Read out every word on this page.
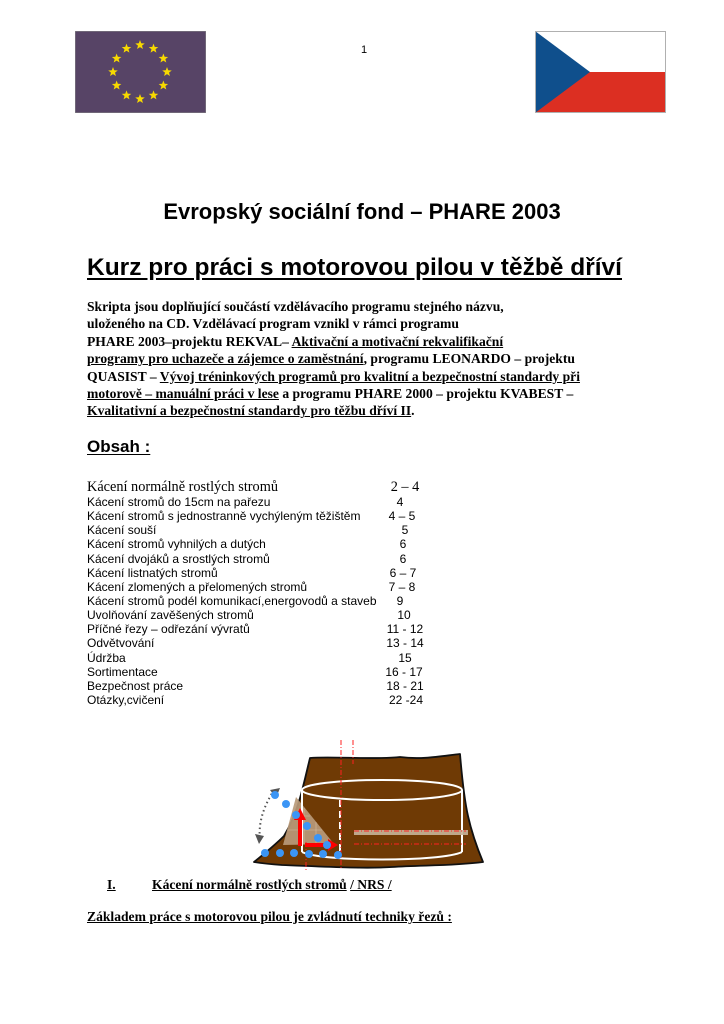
1
Evropský sociální fond – PHARE 2003
Kurz pro práci s motorovou pilou v těžbě dříví
Skripta jsou doplňující součástí vzdělávacího programu stejného názvu,
uloženého na CD. Vzdělávací program vznikl v rámci programu
PHARE 2003–projektu REKVAL– Aktivační a motivační rekvalifikační
programy pro uchazeče a zájemce o zaměstnání, programu LEONARDO – projektu
QUASIST – Vývoj tréninkových programů pro kvalitní a bezpečnostní standardy při
motorově – manuální práci v lese a programu PHARE 2000 – projektu KVABEST –
Kvalitativní a bezpečnostní standardy pro těžbu dříví II.
Obsah :
Kácení normálně rostlých stromů	2 – 4
Kácení stromů do 15cm na pařezu	4
Kácení stromů s jednostranně vychýleným těžištěm	4 – 5
Kácení souší	5
Kácení stromů vyhnilých a dutých	6
Kácení dvojáků a srostlých stromů	6
Kácení listnatých stromů	6 – 7
Kácení zlomených a přelomených stromů	7 – 8
Kácení stromů podél komunikací,energovodů a staveb	9
Uvolňování zavěšených stromů	10
Příčné řezy – odřezání vývratů	11 - 12
Odvětvování	13 - 14
Údržba	15
Sortimentace	16 - 17
Bezpečnost práce	18 - 21
Otázky,cvičení	22 -24
I.	Kácení normálně rostlých stromů / NRS /
Základem práce s motorovou pilou je zvládnutí techniky řezů :
